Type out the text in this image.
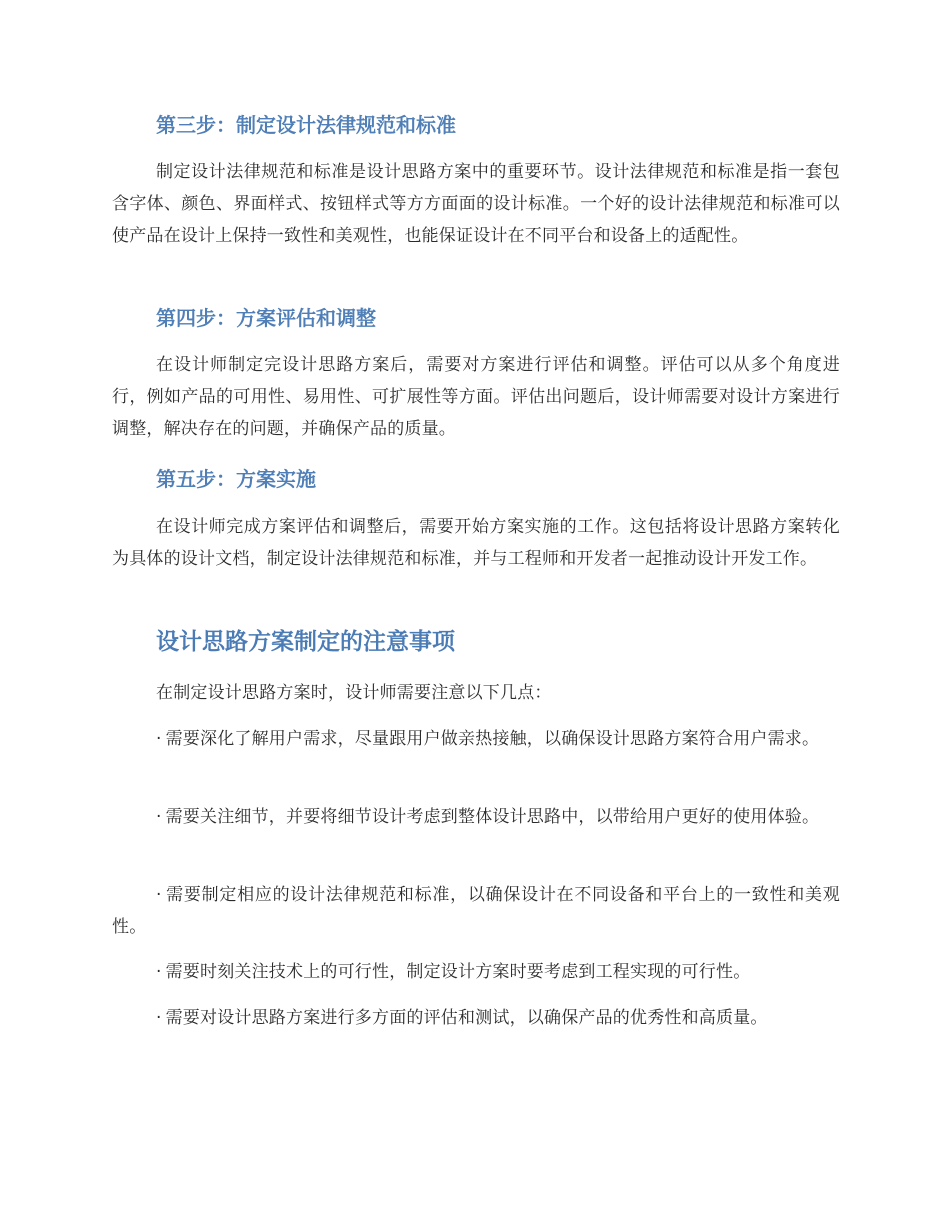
第三步：制定设计法律规范和标准

制定设计法律规范和标准是设计思路方案中的重要环节。设计法律规范和标准是指一套包含字体、颜色、界面样式、按钮样式等方方面面的设计标准。一个好的设计法律规范和标准可以使产品在设计上保持一致性和美观性，也能保证设计在不同平台和设备上的适配性。

第四步：方案评估和调整

在设计师制定完设计思路方案后，需要对方案进行评估和调整。评估可以从多个角度进行，例如产品的可用性、易用性、可扩展性等方面。评估出问题后，设计师需要对设计方案进行调整，解决存在的问题，并确保产品的质量。

第五步：方案实施

在设计师完成方案评估和调整后，需要开始方案实施的工作。这包括将设计思路方案转化为具体的设计文档，制定设计法律规范和标准，并与工程师和开发者一起推动设计开发工作。

设计思路方案制定的注意事项

在制定设计思路方案时，设计师需要注意以下几点：

· 需要深化了解用户需求，尽量跟用户做亲热接触，以确保设计思路方案符合用户需求。

· 需要关注细节，并要将细节设计考虑到整体设计思路中，以带给用户更好的使用体验。

· 需要制定相应的设计法律规范和标准，以确保设计在不同设备和平台上的一致性和美观性。

· 需要时刻关注技术上的可行性，制定设计方案时要考虑到工程实现的可行性。

· 需要对设计思路方案进行多方面的评估和测试，以确保产品的优秀性和高质量。
